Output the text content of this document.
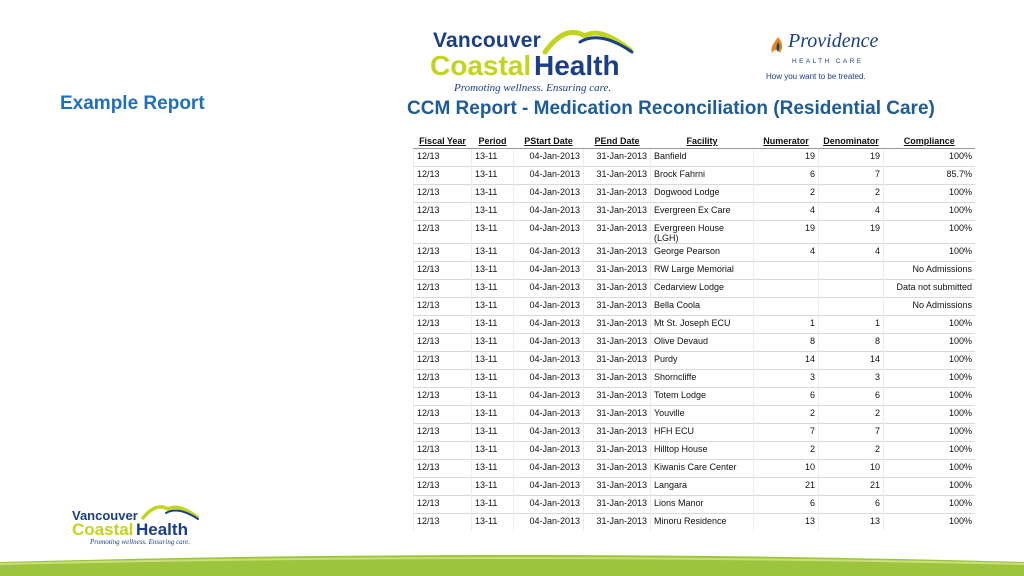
Example Report
Vancouver
Coastal Health
Promoting wellness. Ensuring care.
Providence
HEALTH CARE
How you want to be treated.
CCM Report - Medication Reconciliation (Residential Care)
Fiscal Year	Period	PStart Date	PEnd Date	Facility	Numerator	Denominator	Compliance
12/13	13-11	04-Jan-2013	31-Jan-2013	Banfield	19	19	100%
12/13	13-11	04-Jan-2013	31-Jan-2013	Brock Fahrni	6	7	85.7%
12/13	13-11	04-Jan-2013	31-Jan-2013	Dogwood Lodge	2	2	100%
12/13	13-11	04-Jan-2013	31-Jan-2013	Evergreen Ex Care	4	4	100%
12/13	13-11	04-Jan-2013	31-Jan-2013	Evergreen House (LGH)	19	19	100%
12/13	13-11	04-Jan-2013	31-Jan-2013	George Pearson	4	4	100%
12/13	13-11	04-Jan-2013	31-Jan-2013	RW Large Memorial			No Admissions
12/13	13-11	04-Jan-2013	31-Jan-2013	Cedarview Lodge			Data not submitted
12/13	13-11	04-Jan-2013	31-Jan-2013	Bella Coola			No Admissions
12/13	13-11	04-Jan-2013	31-Jan-2013	Mt St. Joseph ECU	1	1	100%
12/13	13-11	04-Jan-2013	31-Jan-2013	Olive Devaud	8	8	100%
12/13	13-11	04-Jan-2013	31-Jan-2013	Purdy	14	14	100%
12/13	13-11	04-Jan-2013	31-Jan-2013	Shorncliffe	3	3	100%
12/13	13-11	04-Jan-2013	31-Jan-2013	Totem Lodge	6	6	100%
12/13	13-11	04-Jan-2013	31-Jan-2013	Youville	2	2	100%
12/13	13-11	04-Jan-2013	31-Jan-2013	HFH ECU	7	7	100%
12/13	13-11	04-Jan-2013	31-Jan-2013	Hilltop House	2	2	100%
12/13	13-11	04-Jan-2013	31-Jan-2013	Kiwanis Care Center	10	10	100%
12/13	13-11	04-Jan-2013	31-Jan-2013	Langara	21	21	100%
12/13	13-11	04-Jan-2013	31-Jan-2013	Lions Manor	6	6	100%
12/13	13-11	04-Jan-2013	31-Jan-2013	Minoru Residence	13	13	100%
Vancouver
Coastal Health
Promoting wellness. Ensuring care.
